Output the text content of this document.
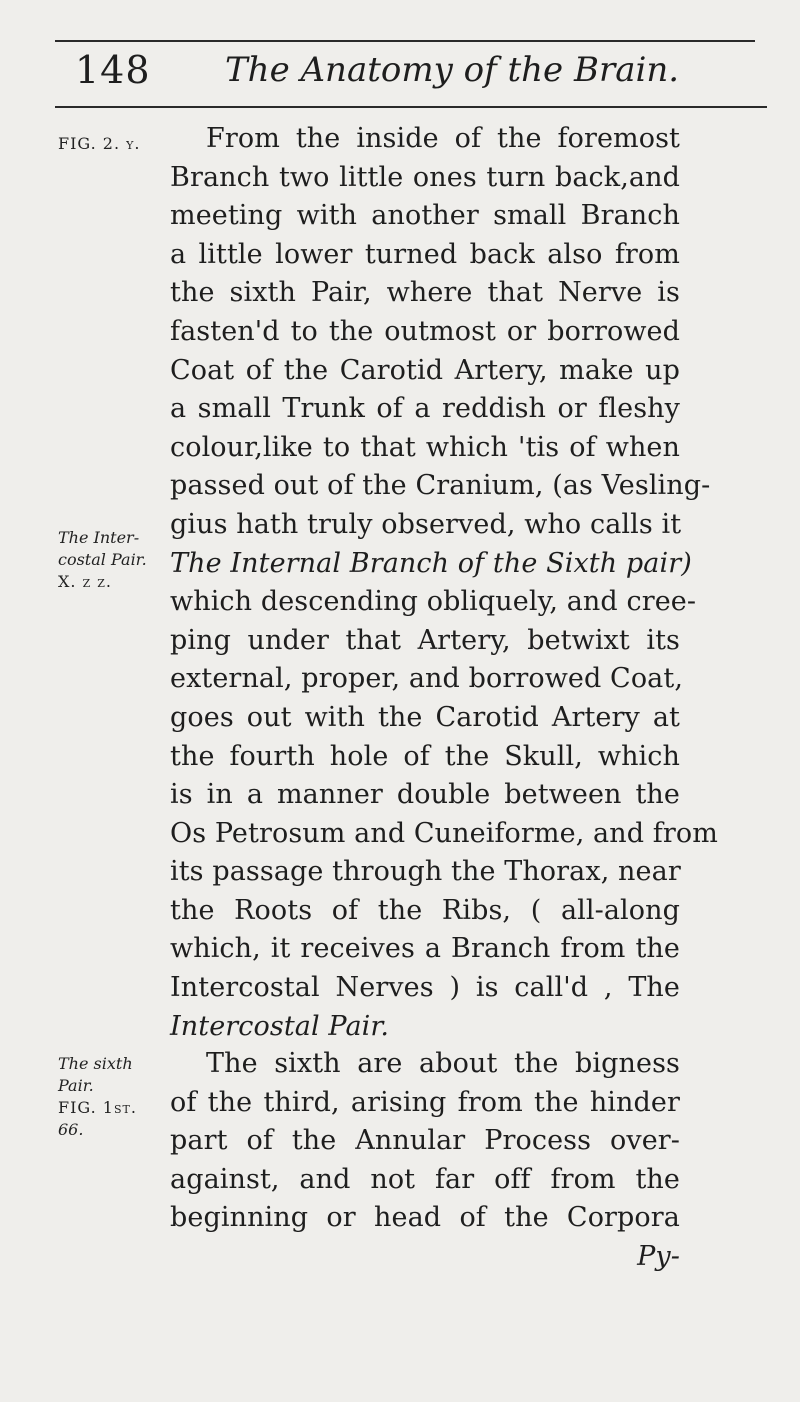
148 The Anatomy of the Brain.
FIG. 2. y.
The Inter-
costal Pair.
X. z z.
The sixth
Pair.
FIG. 1st.
66.
From the inside of the foremost
Branch two little ones turn back,and
meeting with another small Branch
a little lower turned back also from
the sixth Pair, where that Nerve is
fasten'd to the outmost or borrowed
Coat of the Carotid Artery, make up
a small Trunk of a reddish or fleshy
colour,like to that which 'tis of when
passed out of the Cranium, (as Vesling-
gius hath truly observed, who calls it
The Internal Branch of the Sixth pair)
which descending obliquely, and cree-
ping under that Artery, betwixt its
external, proper, and borrowed Coat,
goes out with the Carotid Artery at
the fourth hole of the Skull, which
is in a manner double between the
Os Petrosum and Cuneiforme, and from
its passage through the Thorax, near
the Roots of the Ribs, ( all-along
which, it receives a Branch from the
Intercostal Nerves ) is call'd , The
Intercostal Pair.
The sixth are about the bigness
of the third, arising from the hinder
part of the Annular Process over-
against, and not far off from the
beginning or head of the Corpora
Py-
